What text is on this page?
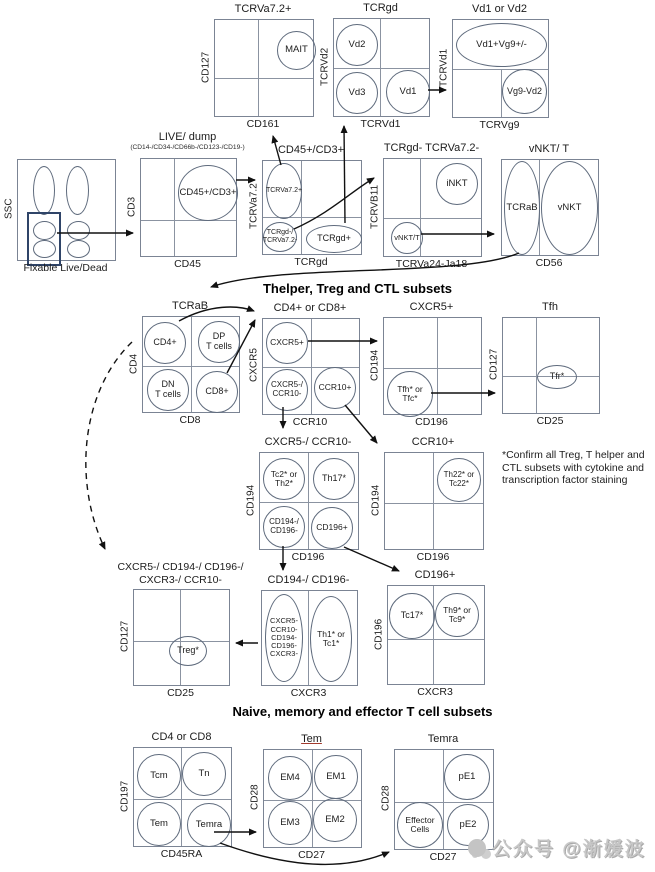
TCRVa7.2+
MAIT
CD127
CD161
TCRgd
Vd2
Vd3	Vd1
TCRVd2
TCRVd1
Vd1 or Vd2
Vd1+Vg9+/-
Vg9-Vd2
TCRVd1
TCRVg9
SSC
Fixable Live/Dead
LIVE/ dump
(CD14-/CD34-/CD66b-/CD123-/CD19-)
CD45+/CD3+
CD3
CD45
CD45+/CD3+
TCRVa7.2+
TCRgd-/
TCRVa7.2-	TCRgd+
TCRVa7.2
TCRgd
TCRgd- TCRVa7.2-
iNKT
vNKT/T
TCRVB11
TCRVa24-Ja18
vNKT/ T
TCRaB	vNKT
CD56
Thelper, Treg and CTL subsets
TCRaB
CD4+
DP
T cells
DN
T cells	CD8+
CD4
CD8
CD4+ or CD8+
CXCR5+
CXCR5-/
CCR10-
CCR10+
CXCR5
CCR10
CXCR5+
Tfh* or
Tfc*
CD194
CD196
Tfh
Tfr*
CD127
CD25
*Confirm all Treg, T helper and
CTL subsets with cytokine and
transcription factor staining
CXCR5-/ CCR10-
Tc2* or
Th2*	Th17*
CD194-/
CD196-	CD196+
CD194
CD196
CCR10+
Th22* or
Tc22*
CD194
CD196
CXCR5-/ CD194-/ CD196-/
CXCR3-/ CCR10-
Treg*
CD127
CD25
CD194-/ CD196-
CXCR5-
CCR10-
CD194-
CD196-
CXCR3-
Th1* or
Tc1*
CXCR3
CD196+
Tc17*
Th9* or
Tc9*
CD196
CXCR3
Naive, memory and effector T cell subsets
CD4 or CD8
Tcm	Tn
Tem	Temra
CD197
CD45RA
Tem
EM4	EM1
EM3	EM2
CD28
CD27
Temra
pE1
Effector
Cells	pE2
CD28
CD27	公众号 @渐媛波
